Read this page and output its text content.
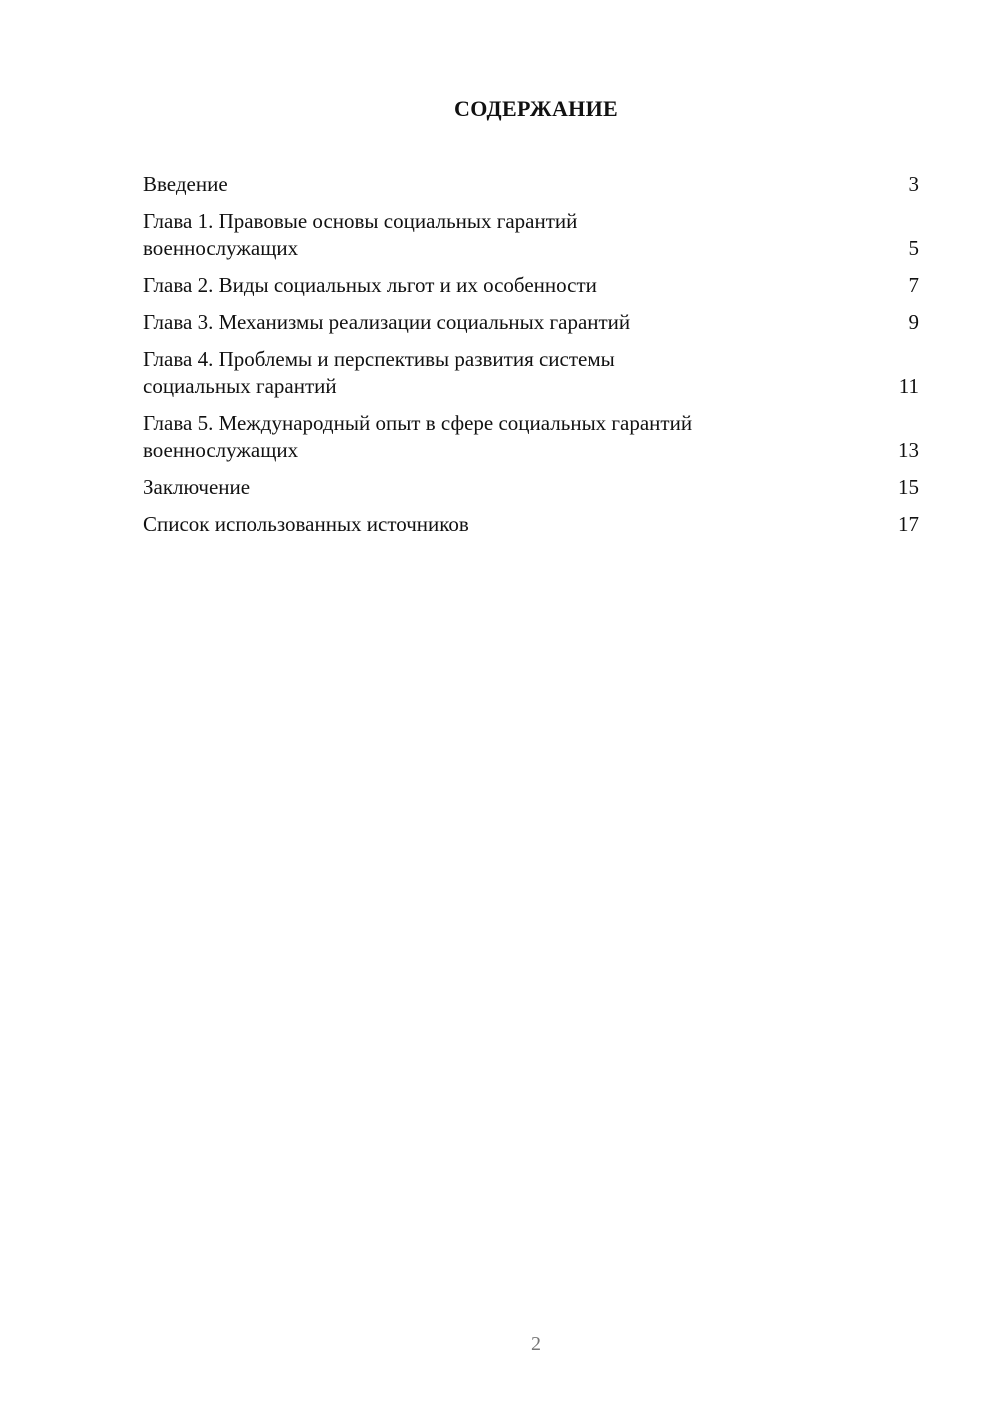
СОДЕРЖАНИЕ
Введение	3
Глава 1. Правовые основы социальных гарантий
военнослужащих	5
Глава 2. Виды социальных льгот и их особенности	7
Глава 3. Механизмы реализации социальных гарантий	9
Глава 4. Проблемы и перспективы развития системы
социальных гарантий	11
Глава 5. Международный опыт в сфере социальных гарантий
военнослужащих	13
Заключение	15
Список использованных источников	17
2
